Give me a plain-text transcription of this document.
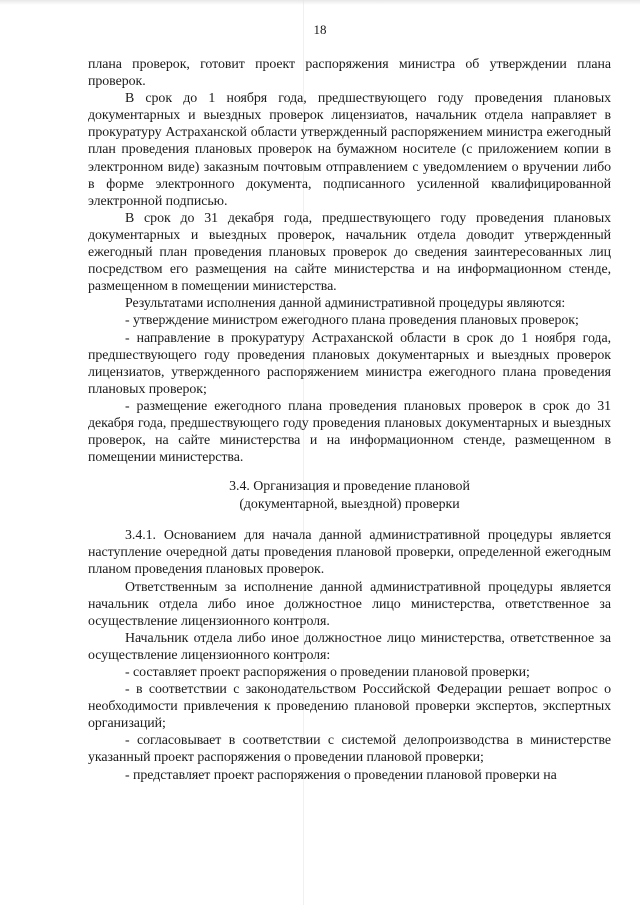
18

плана проверок, готовит проект распоряжения министра об утверждении плана проверок.

В срок до 1 ноября года, предшествующего году проведения плановых документарных и выездных проверок лицензиатов, начальник отдела направляет в прокуратуру Астраханской области утвержденный распоряжением министра ежегодный план проведения плановых проверок на бумажном носителе (с приложением копии в электронном виде) заказным почтовым отправлением с уведомлением о вручении либо в форме электронного документа, подписанного усиленной квалифицированной электронной подписью.

В срок до 31 декабря года, предшествующего году проведения плановых документарных и выездных проверок, начальник отдела доводит утвержденный ежегодный план проведения плановых проверок до сведения заинтересованных лиц посредством его размещения на сайте министерства и на информационном стенде, размещенном в помещении министерства.

Результатами исполнения данной административной процедуры являются:

- утверждение министром ежегодного плана проведения плановых проверок;

- направление в прокуратуру Астраханской области в срок до 1 ноября года, предшествующего году проведения плановых документарных и выездных проверок лицензиатов, утвержденного распоряжением министра ежегодного плана проведения плановых проверок;

- размещение ежегодного плана проведения плановых проверок в срок до 31 декабря года, предшествующего году проведения плановых документарных и выездных проверок, на сайте министерства и на информационном стенде, размещенном в помещении министерства.

3.4. Организация и проведение плановой
(документарной, выездной) проверки

3.4.1. Основанием для начала данной административной процедуры является наступление очередной даты проведения плановой проверки, определенной ежегодным планом проведения плановых проверок.

Ответственным за исполнение данной административной процедуры является начальник отдела либо иное должностное лицо министерства, ответственное за осуществление лицензионного контроля.

Начальник отдела либо иное должностное лицо министерства, ответственное за осуществление лицензионного контроля:

- составляет проект распоряжения о проведении плановой проверки;

- в соответствии с законодательством Российской Федерации решает вопрос о необходимости привлечения к проведению плановой проверки экспертов, экспертных организаций;

- согласовывает в соответствии с системой делопроизводства в министерстве указанный проект распоряжения о проведении плановой проверки;

- представляет проект распоряжения о проведении плановой проверки на
